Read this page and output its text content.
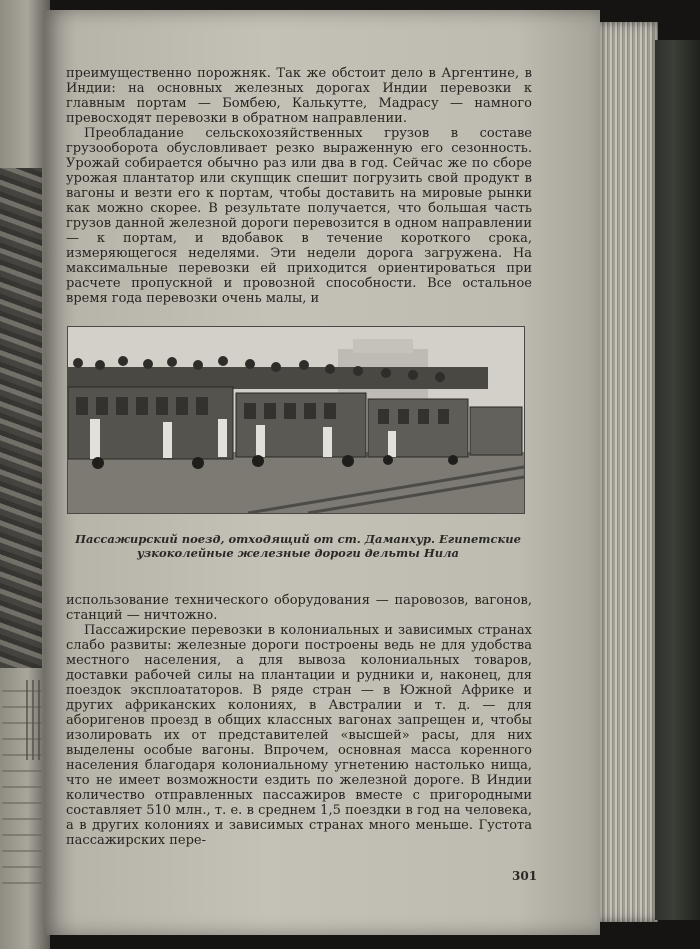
преимущественно порожняк. Так же обстоит дело в Аргентине, в Индии: на основных железных дорогах Индии перевозки к главным портам — Бомбею, Калькутте, Мадрасу — намного превосходят перевозки в обратном направлении.

Преобладание сельскохозяйственных грузов в составе грузооборота обусловливает резко выраженную его сезонность. Урожай собирается обычно раз или два в год. Сейчас же по сборе урожая плантатор или скупщик спешит погрузить свой продукт в вагоны и везти его к портам, чтобы доставить на мировые рынки как можно скорее. В результате получается, что большая часть грузов данной железной дороги перевозится в одном направлении — к портам, и вдобавок в течение короткого срока, измеряющегося неделями. Эти недели дорога загружена. На максимальные перевозки ей приходится ориентироваться при расчете пропускной и провозной способности. Все остальное время года перевозки очень малы, и

Пассажирский поезд, отходящий от ст. Даманхур. Египетские узкоколейные железные дороги дельты Нила

использование технического оборудования — паровозов, вагонов, станций — ничтожно.

Пассажирские перевозки в колониальных и зависимых странах слабо развиты: железные дороги построены ведь не для удобства местного населения, а для вывоза колониальных товаров, доставки рабочей силы на плантации и рудники и, наконец, для поездок эксплоататоров. В ряде стран — в Южной Африке и других африканских колониях, в Австралии и т. д. — для аборигенов проезд в общих классных вагонах запрещен и, чтобы изолировать их от представителей «высшей» расы, для них выделены особые вагоны. Впрочем, основная масса коренного населения благодаря колониальному угнетению настолько нища, что не имеет возможности ездить по железной дороге. В Индии количество отправленных пассажиров вместе с пригородными составляет 510 млн., т. е. в среднем 1,5 поездки в год на человека, а в других колониях и зависимых странах много меньше. Густота пассажирских пере-

301
